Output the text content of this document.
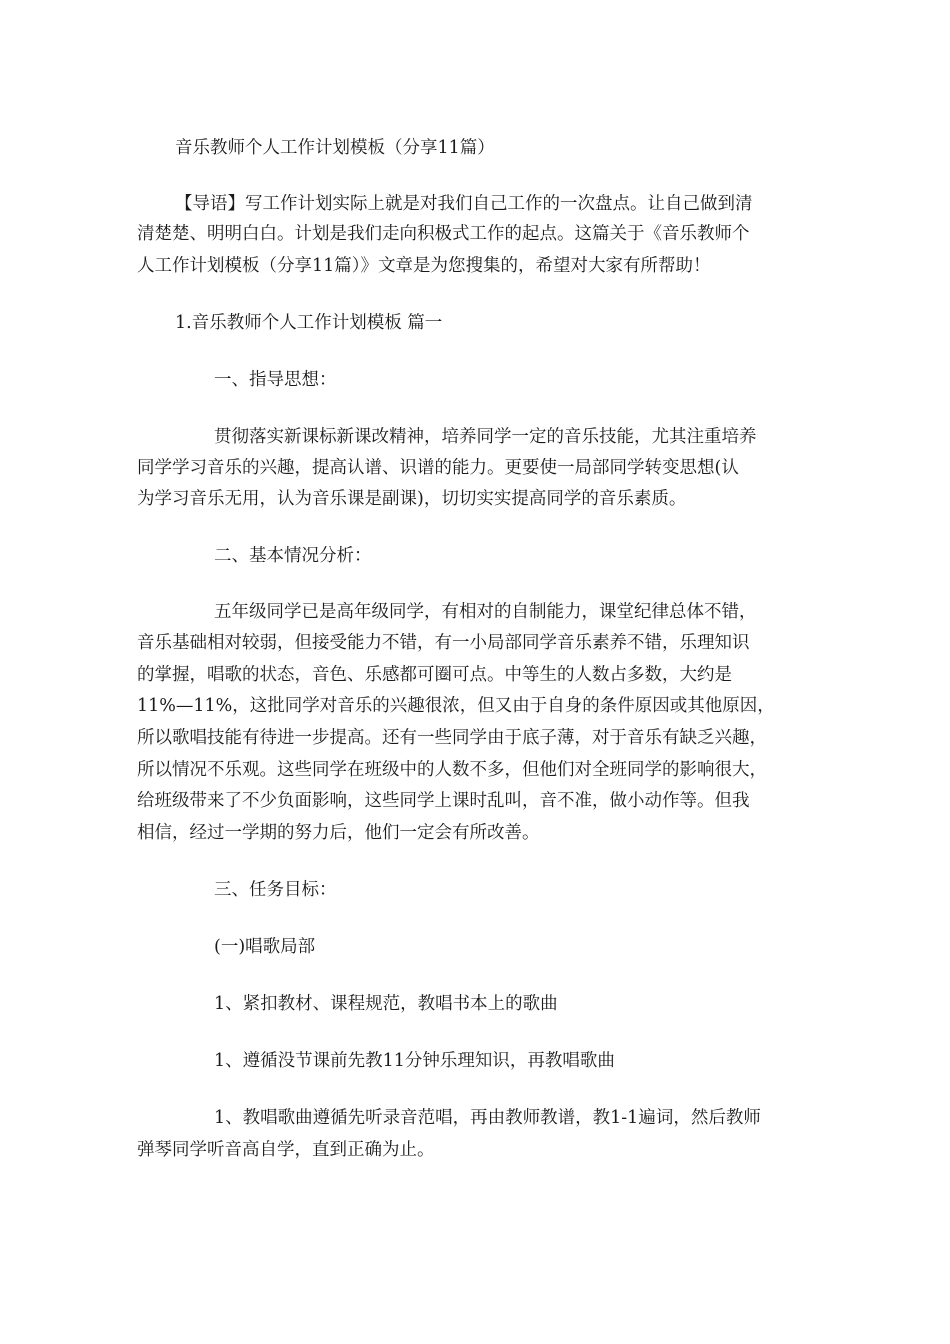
音乐教师个人工作计划模板（分享11篇）

【导语】写工作计划实际上就是对我们自己工作的一次盘点。让自己做到清

清楚楚、明明白白。计划是我们走向积极式工作的起点。这篇关于《音乐教师个

人工作计划模板（分享11篇）》文章是为您搜集的，希望对大家有所帮助！

1.音乐教师个人工作计划模板 篇一

一、指导思想：

贯彻落实新课标新课改精神，培养同学一定的音乐技能，尤其注重培养

同学学习音乐的兴趣，提高认谱、识谱的能力。更要使一局部同学转变思想(认

为学习音乐无用，认为音乐课是副课)，切切实实提高同学的音乐素质。

二、基本情况分析：

五年级同学已是高年级同学，有相对的自制能力，课堂纪律总体不错，

音乐基础相对较弱，但接受能力不错，有一小局部同学音乐素养不错，乐理知识

的掌握，唱歌的状态，音色、乐感都可圈可点。中等生的人数占多数，大约是

11%—11%，这批同学对音乐的兴趣很浓，但又由于自身的条件原因或其他原因，

所以歌唱技能有待进一步提高。还有一些同学由于底子薄，对于音乐有缺乏兴趣，

所以情况不乐观。这些同学在班级中的人数不多，但他们对全班同学的影响很大，

给班级带来了不少负面影响，这些同学上课时乱叫，音不准，做小动作等。但我

相信，经过一学期的努力后，他们一定会有所改善。

三、任务目标：

(一)唱歌局部

1、紧扣教材、课程规范，教唱书本上的歌曲

1、遵循没节课前先教11分钟乐理知识，再教唱歌曲

1、教唱歌曲遵循先听录音范唱，再由教师教谱，教1-1遍词，然后教师

弹琴同学听音高自学，直到正确为止。
